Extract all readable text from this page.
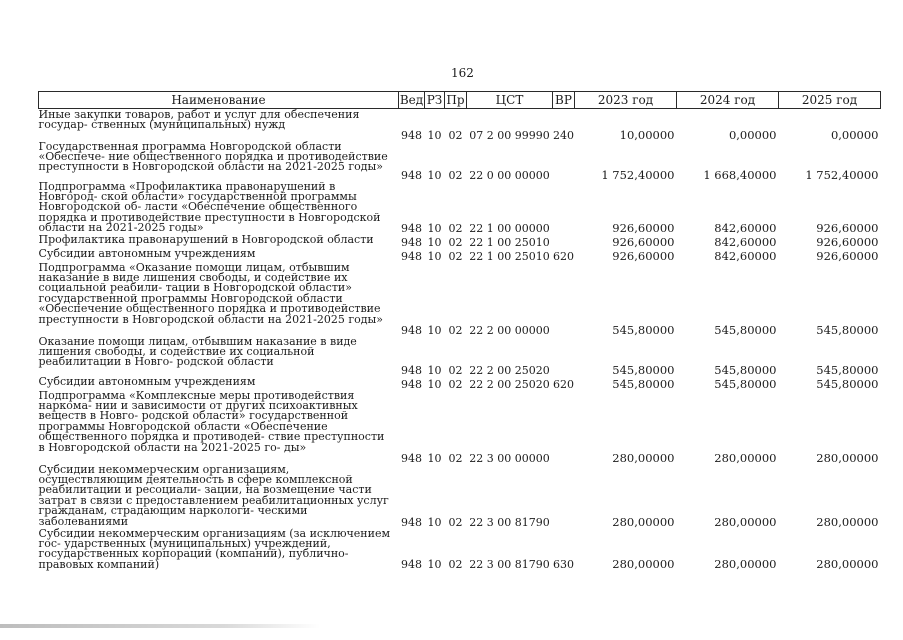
162
Наименование	Вед	РЗ	Пр	ЦСТ	ВР	2023 год	2024 год	2025 год
Иные закупки товаров, работ и услуг для обеспечения государ- ственных (муниципальных) нужд	948	10	02	07 2 00 99990	240	10,00000	0,00000	0,00000
Государственная программа Новгородской области «Обеспече- ние общественного порядка и противодействие преступности в Новгородской области на 2021-2025 годы»	948	10	02	22 0 00 00000		1 752,40000	1 668,40000	1 752,40000
Подпрограмма «Профилактика правонарушений в Новгород- ской области» государственной программы Новгородской об- ласти «Обеспечение общественного порядка и противодействие преступности в Новгородской области на 2021-2025 годы»	948	10	02	22 1 00 00000		926,60000	842,60000	926,60000
Профилактика правонарушений в Новгородской области	948	10	02	22 1 00 25010		926,60000	842,60000	926,60000
Субсидии автономным учреждениям	948	10	02	22 1 00 25010	620	926,60000	842,60000	926,60000
Подпрограмма «Оказание помощи лицам, отбывшим наказание в виде лишения свободы, и содействие их социальной реабили- тации в Новгородской области» государственной программы Новгородской области «Обеспечение общественного порядка и противодействие преступности в Новгородской области на 2021-2025 годы»	948	10	02	22 2 00 00000		545,80000	545,80000	545,80000
Оказание помощи лицам, отбывшим наказание в виде лишения свободы, и содействие их социальной реабилитации в Новго- родской области	948	10	02	22 2 00 25020		545,80000	545,80000	545,80000
Субсидии автономным учреждениям	948	10	02	22 2 00 25020	620	545,80000	545,80000	545,80000
Подпрограмма «Комплексные меры противодействия наркома- нии и зависимости от других психоактивных веществ в Новго- родской области» государственной программы Новгородской области «Обеспечение общественного порядка и противодей- ствие преступности в Новгородской области на 2021-2025 го- ды»	948	10	02	22 3 00 00000		280,00000	280,00000	280,00000
Субсидии некоммерческим организациям, осуществляющим деятельность в сфере комплексной реабилитации и ресоциали- зации, на возмещение части затрат в связи с предоставлением реабилитационных услуг гражданам, страдающим наркологи- ческими заболеваниями	948	10	02	22 3 00 81790		280,00000	280,00000	280,00000
Субсидии некоммерческим организациям (за исключением гос- ударственных (муниципальных) учреждений, государственных корпораций (компаний), публично-правовых компаний)	948	10	02	22 3 00 81790	630	280,00000	280,00000	280,00000
